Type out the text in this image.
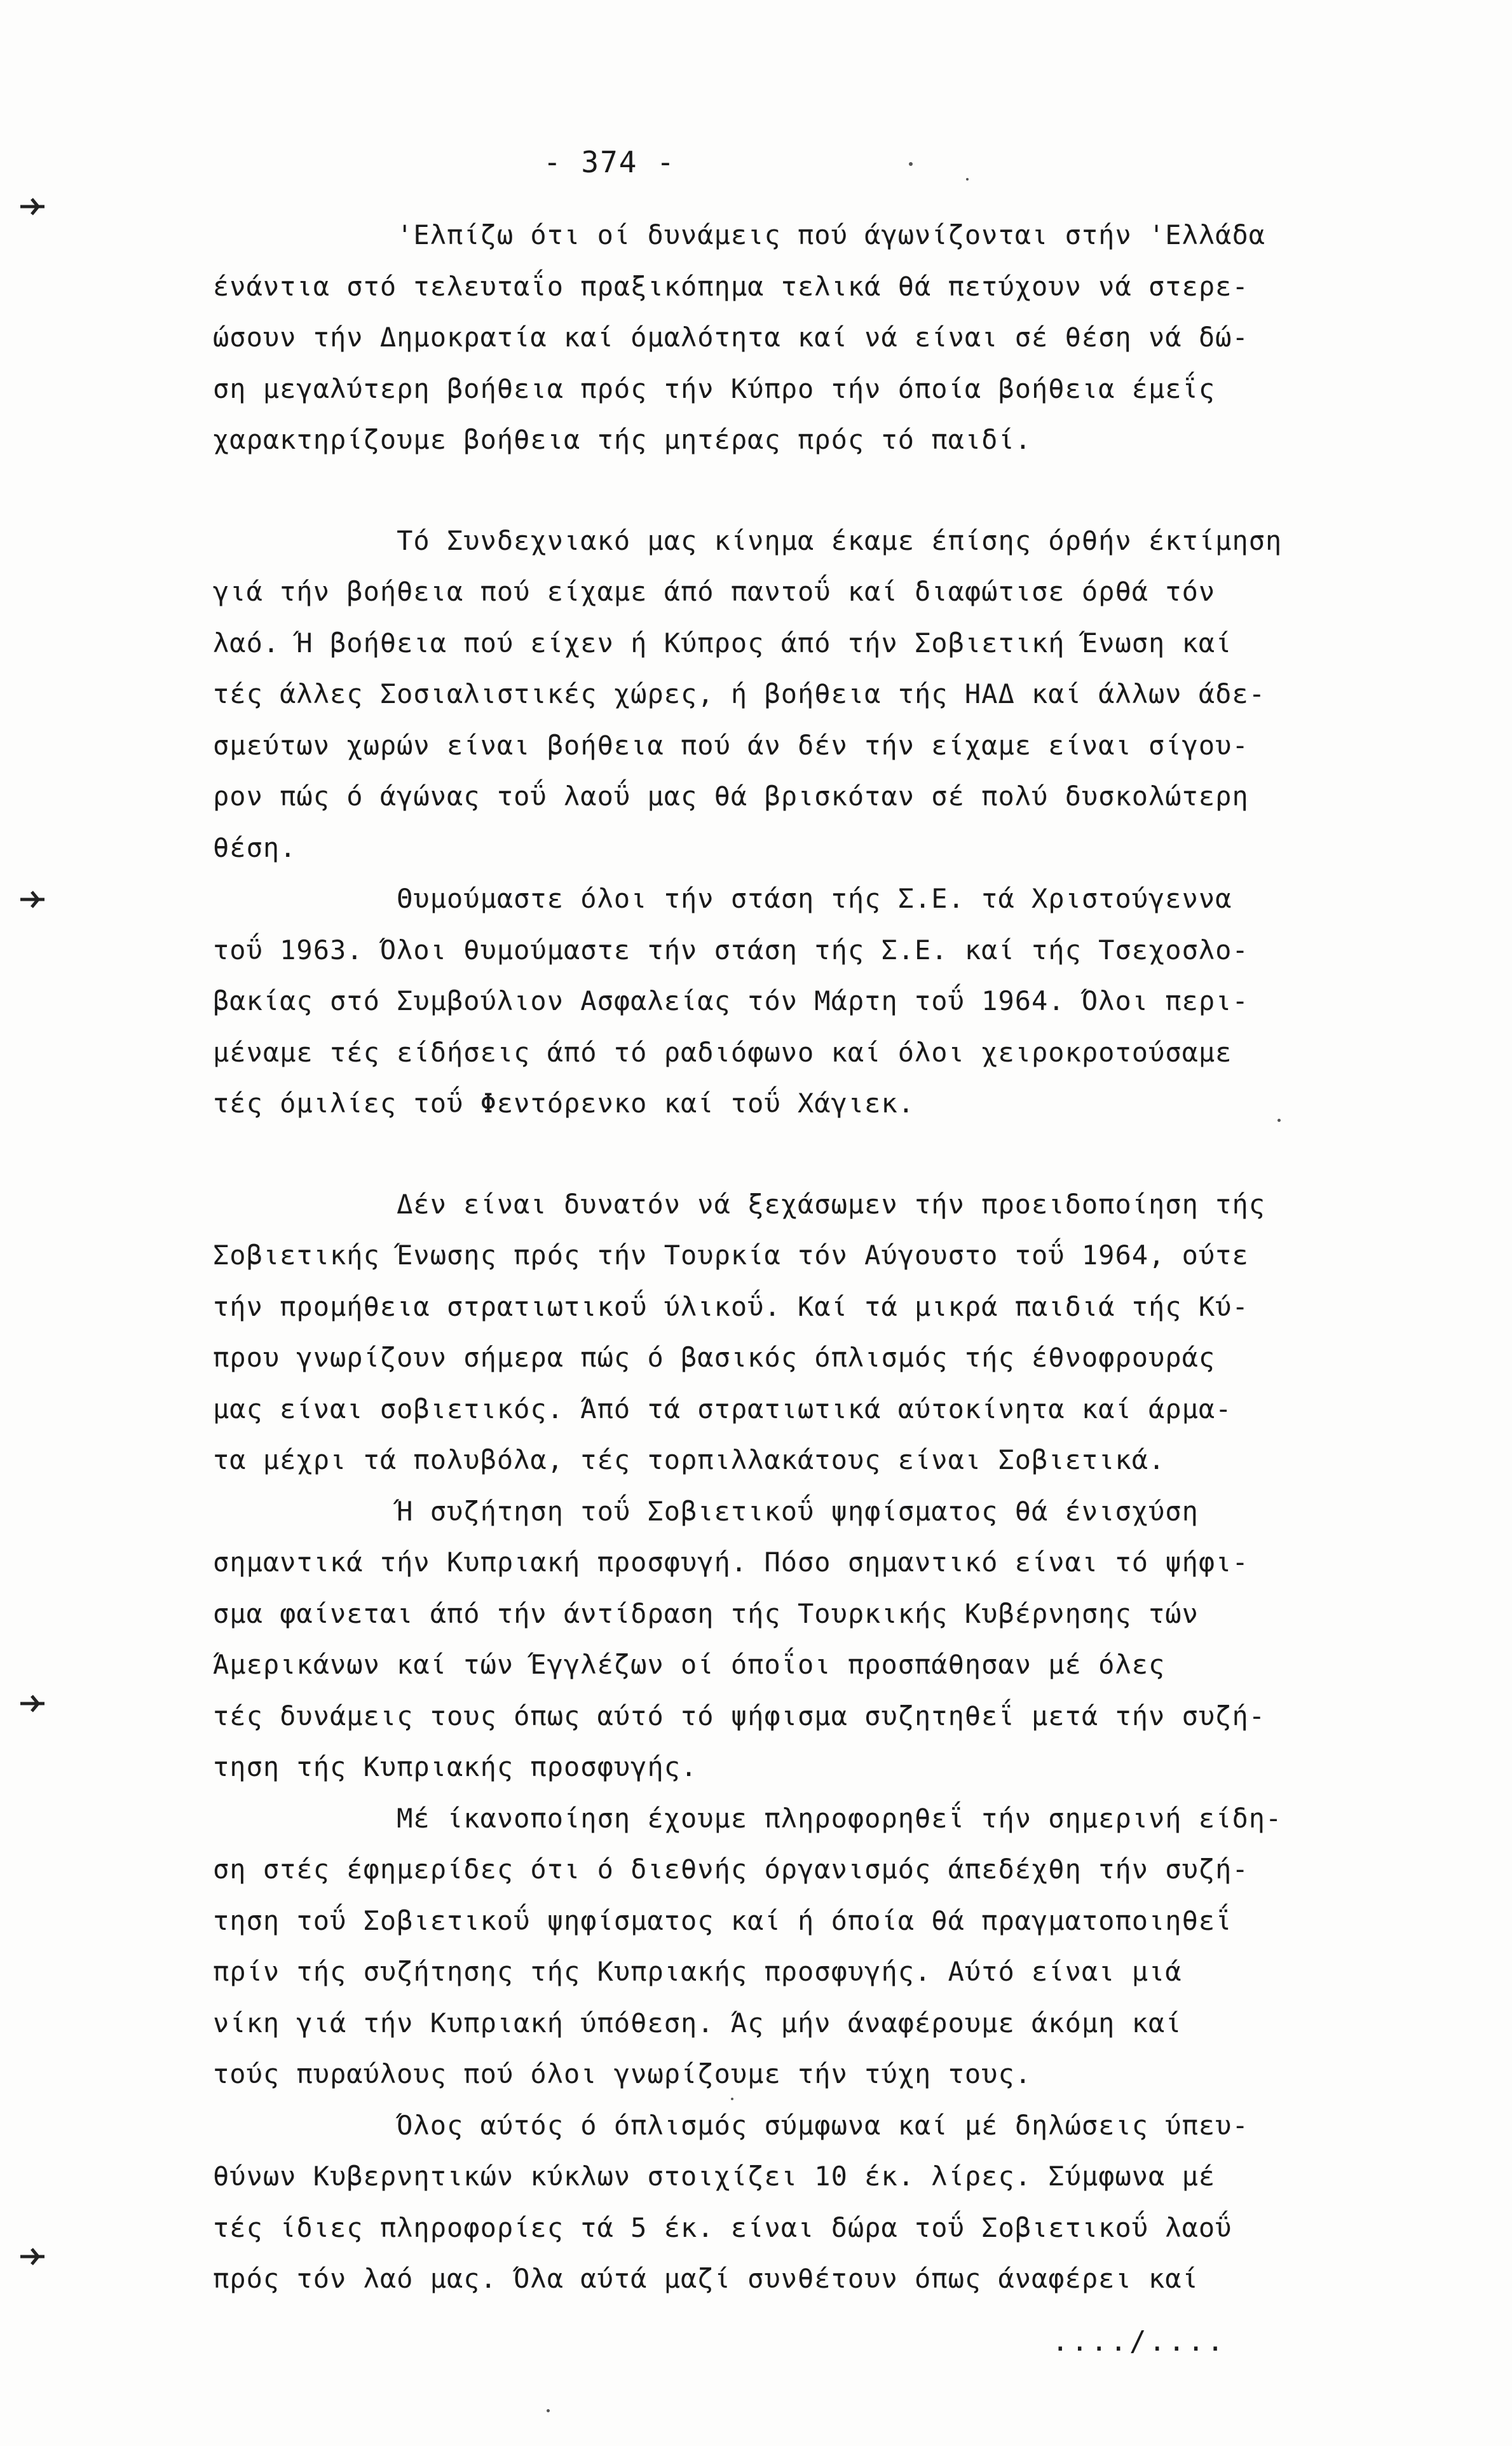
- 374 -
'Ελπίζω ότι οί δυνάμεις πού άγωνίζονται στήν 'Ελλάδα
ένάντια στό τελευταΐο πραξικόπημα τελικά θά πετύχουν νά στερε-
ώσουν τήν Δημοκρατία καί όμαλότητα καί νά είναι σέ θέση νά δώ-
ση μεγαλύτερη βοήθεια πρός τήν Κύπρο τήν όποία βοήθεια έμεΐς
χαρακτηρίζουμε βοήθεια τής μητέρας πρός τό παιδί.
Τό Συνδεχνιακό μας κίνημα έκαμε έπίσης όρθήν έκτίμηση
γιά τήν βοήθεια πού είχαμε άπό παντοΰ καί διαφώτισε όρθά τόν
λαό. Ή βοήθεια πού είχεν ή Κύπρος άπό τήν Σοβιετική Ένωση καί
τές άλλες Σοσιαλιστικές χώρες, ή βοήθεια τής ΗΑΔ καί άλλων άδε-
σμεύτων χωρών είναι βοήθεια πού άν δέν τήν είχαμε είναι σίγου-
ρον πώς ό άγώνας τοΰ λαοΰ μας θά βρισκόταν σέ πολύ δυσκολώτερη
θέση.
Θυμούμαστε όλοι τήν στάση τής Σ.Ε. τά Χριστούγεννα
τοΰ 1963. Όλοι θυμούμαστε τήν στάση τής Σ.Ε. καί τής Τσεχοσλο-
βακίας στό Συμβούλιον Ασφαλείας τόν Μάρτη τοΰ 1964. Όλοι περι-
μέναμε τές είδήσεις άπό τό ραδιόφωνο καί όλοι χειροκροτούσαμε
τές όμιλίες τοΰ Φεντόρενκο καί τοΰ Χάγιεκ.
Δέν είναι δυνατόν νά ξεχάσωμεν τήν προειδοποίηση τής
Σοβιετικής Ένωσης πρός τήν Τουρκία τόν Αύγουστο τοΰ 1964, ούτε
τήν προμήθεια στρατιωτικοΰ ύλικοΰ. Καί τά μικρά παιδιά τής Κύ-
πρου γνωρίζουν σήμερα πώς ό βασικός όπλισμός τής έθνοφρουράς
μας είναι σοβιετικός. Άπό τά στρατιωτικά αύτοκίνητα καί άρμα-
τα μέχρι τά πολυβόλα, τές τορπιλλακάτους είναι Σοβιετικά.
Ή συζήτηση τοΰ Σοβιετικοΰ ψηφίσματος θά ένισχύση
σημαντικά τήν Κυπριακή προσφυγή. Πόσο σημαντικό είναι τό ψήφι-
σμα φαίνεται άπό τήν άντίδραση τής Τουρκικής Κυβέρνησης τών
Άμερικάνων καί τών Έγγλέζων οί όποΐοι προσπάθησαν μέ όλες
τές δυνάμεις τους όπως αύτό τό ψήφισμα συζητηθεΐ μετά τήν συζή-
τηση τής Κυπριακής προσφυγής.
Μέ ίκανοποίηση έχουμε πληροφορηθεΐ τήν σημερινή είδη-
ση στές έφημερίδες ότι ό διεθνής όργανισμός άπεδέχθη τήν συζή-
τηση τοΰ Σοβιετικοΰ ψηφίσματος καί ή όποία θά πραγματοποιηθεΐ
πρίν τής συζήτησης τής Κυπριακής προσφυγής. Αύτό είναι μιά
νίκη γιά τήν Κυπριακή ύπόθεση. Άς μήν άναφέρουμε άκόμη καί
τούς πυραύλους πού όλοι γνωρίζουμε τήν τύχη τους.
Όλος αύτός ό όπλισμός σύμφωνα καί μέ δηλώσεις ύπευ-
θύνων Κυβερνητικών κύκλων στοιχίζει 10 έκ. λίρες. Σύμφωνα μέ
τές ίδιες πληροφορίες τά 5 έκ. είναι δώρα τοΰ Σοβιετικοΰ λαοΰ
πρός τόν λαό μας. Όλα αύτά μαζί συνθέτουν όπως άναφέρει καί
..../....
